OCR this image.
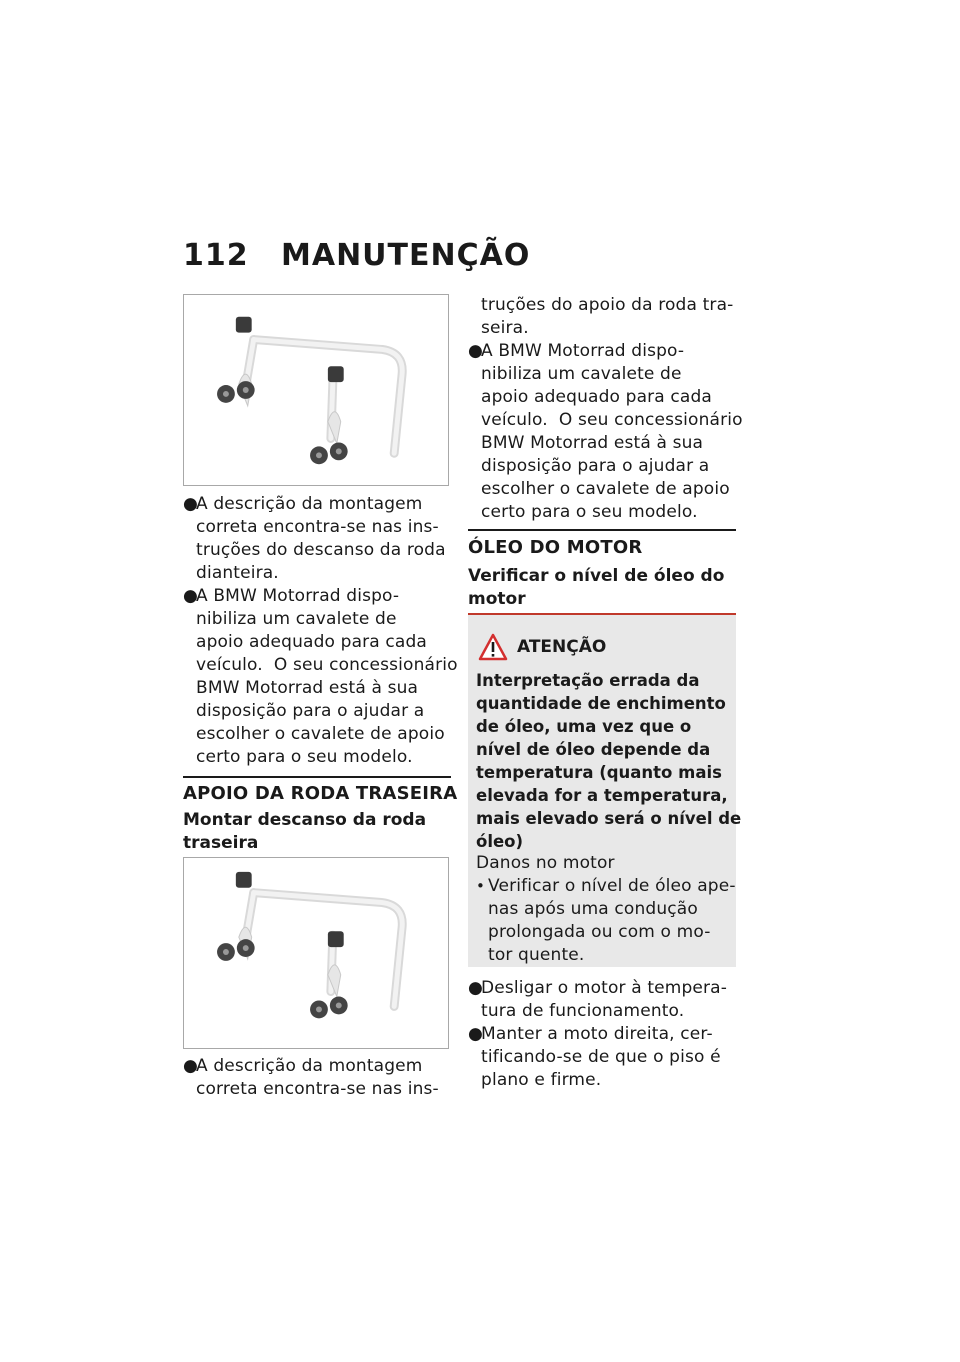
112 MANUTENÇÃO
●
A descrição da montagem
correta encontra-se nas ins-
truções do descanso da roda
dianteira.
●
A BMW Motorrad dispo-
nibiliza um cavalete de
apoio adequado para cada
veículo.  O seu concessionário
BMW Motorrad está à sua
disposição para o ajudar a
escolher o cavalete de apoio
certo para o seu modelo.
APOIO DA RODA TRASEIRA
Montar descanso da roda
traseira
●
A descrição da montagem
correta encontra-se nas ins-
truções do apoio da roda tra-
seira.
●
A BMW Motorrad dispo-
nibiliza um cavalete de
apoio adequado para cada
veículo.  O seu concessionário
BMW Motorrad está à sua
disposição para o ajudar a
escolher o cavalete de apoio
certo para o seu modelo.
ÓLEO DO MOTOR
Verificar o nível de óleo do
motor
ATENÇÃO
Interpretação errada da
quantidade de enchimento
de óleo, uma vez que o
nível de óleo depende da
temperatura (quanto mais
elevada for a temperatura,
mais elevado será o nível de
óleo)
Danos no motor
• Verificar o nível de óleo ape-
nas após uma condução
prolongada ou com o mo-
tor quente.
●
Desligar o motor à tempera-
tura de funcionamento.
●
Manter a moto direita, cer-
tificando-se de que o piso é
plano e firme.
